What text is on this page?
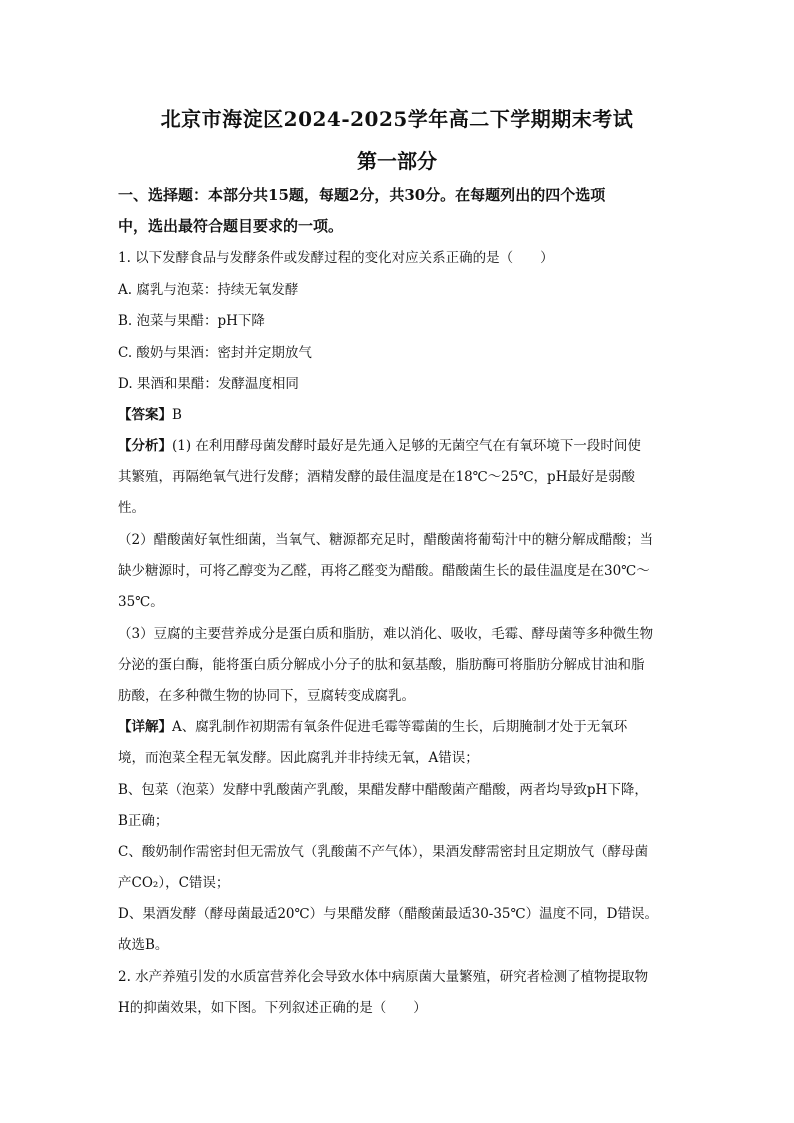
北京市海淀区2024-2025学年高二下学期期末考试
第一部分
一、选择题：本部分共15题，每题2分，共30分。在每题列出的四个选项
中，选出最符合题目要求的一项。
1. 以下发酵食品与发酵条件或发酵过程的变化对应关系正确的是（　　）
A. 腐乳与泡菜：持续无氧发酵
B. 泡菜与果醋：pH下降
C. 酸奶与果酒：密封并定期放气
D. 果酒和果醋：发酵温度相同
【答案】B
【分析】(1) 在利用酵母菌发酵时最好是先通入足够的无菌空气在有氧环境下一段时间使
其繁殖，再隔绝氧气进行发酵；酒精发酵的最佳温度是在18℃～25℃，pH最好是弱酸
性。
（2）醋酸菌好氧性细菌，当氧气、糖源都充足时，醋酸菌将葡萄汁中的糖分解成醋酸；当
缺少糖源时，可将乙醇变为乙醛，再将乙醛变为醋酸。醋酸菌生长的最佳温度是在30℃～
35℃。
（3）豆腐的主要营养成分是蛋白质和脂肪，难以消化、吸收，毛霉、酵母菌等多种微生物
分泌的蛋白酶，能将蛋白质分解成小分子的肽和氨基酸，脂肪酶可将脂肪分解成甘油和脂
肪酸，在多种微生物的协同下，豆腐转变成腐乳。
【详解】A、腐乳制作初期需有氧条件促进毛霉等霉菌的生长，后期腌制才处于无氧环
境，而泡菜全程无氧发酵。因此腐乳并非持续无氧，A错误；
B、包菜（泡菜）发酵中乳酸菌产乳酸，果醋发酵中醋酸菌产醋酸，两者均导致pH下降，
B正确；
C、酸奶制作需密封但无需放气（乳酸菌不产气体），果酒发酵需密封且定期放气（酵母菌
产CO₂），C错误；
D、果酒发酵（酵母菌最适20℃）与果醋发酵（醋酸菌最适30-35℃）温度不同，D错误。
故选B。
2. 水产养殖引发的水质富营养化会导致水体中病原菌大量繁殖，研究者检测了植物提取物
H的抑菌效果，如下图。下列叙述正确的是（　　）
